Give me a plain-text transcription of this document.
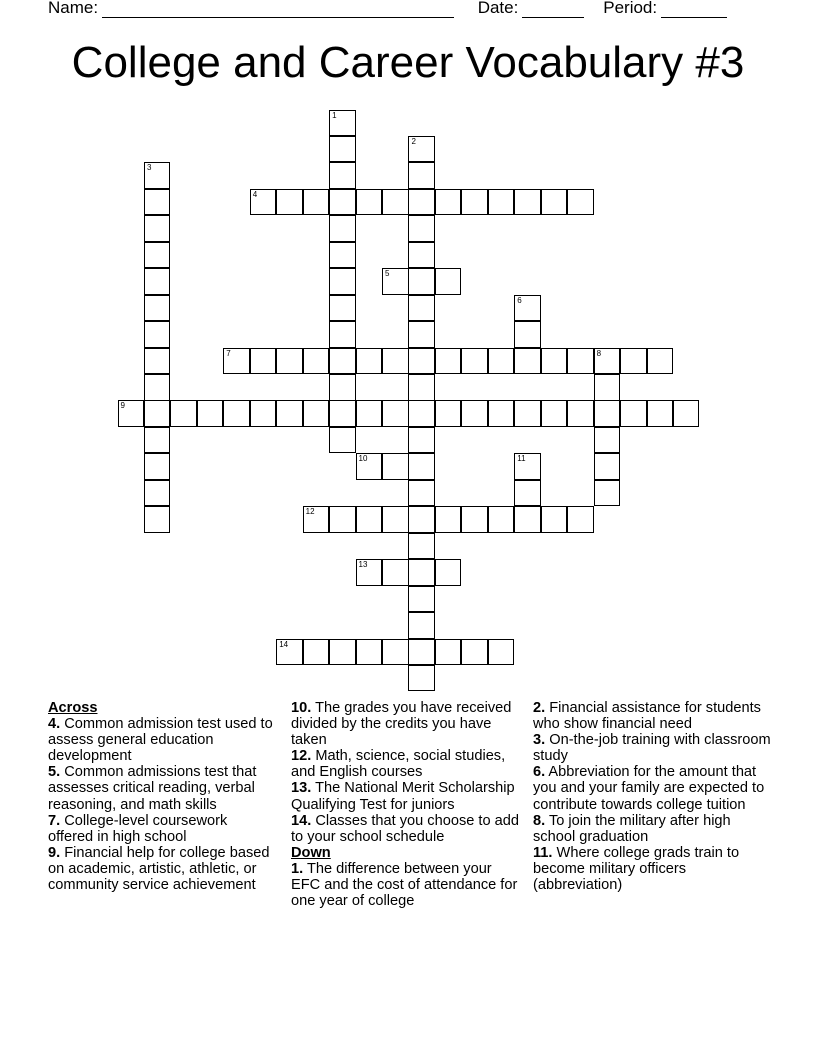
Name:	Date:	Period:
College and Career Vocabulary #3
1
2
3
4
5
6
7	8
9
10	11
12
13
14
Across

4. Common admission test used to assess general education development

5. Common admissions test that assesses critical reading, verbal reasoning, and math skills

7. College-level coursework offered in high school

9. Financial help for college based on academic, artistic, athletic, or community service achievement

10. The grades you have received divided by the credits you have taken

12. Math, science, social studies, and English courses

13. The National Merit Scholarship Qualifying Test for juniors

14. Classes that you choose to add to your school schedule

Down

1. The difference between your EFC and the cost of attendance for one year of college

2. Financial assistance for students who show financial need

3. On-the-job training with classroom study

6. Abbreviation for the amount that you and your family are expected to contribute towards college tuition

8. To join the military after high school graduation

11. Where college grads train to become military officers (abbreviation)
